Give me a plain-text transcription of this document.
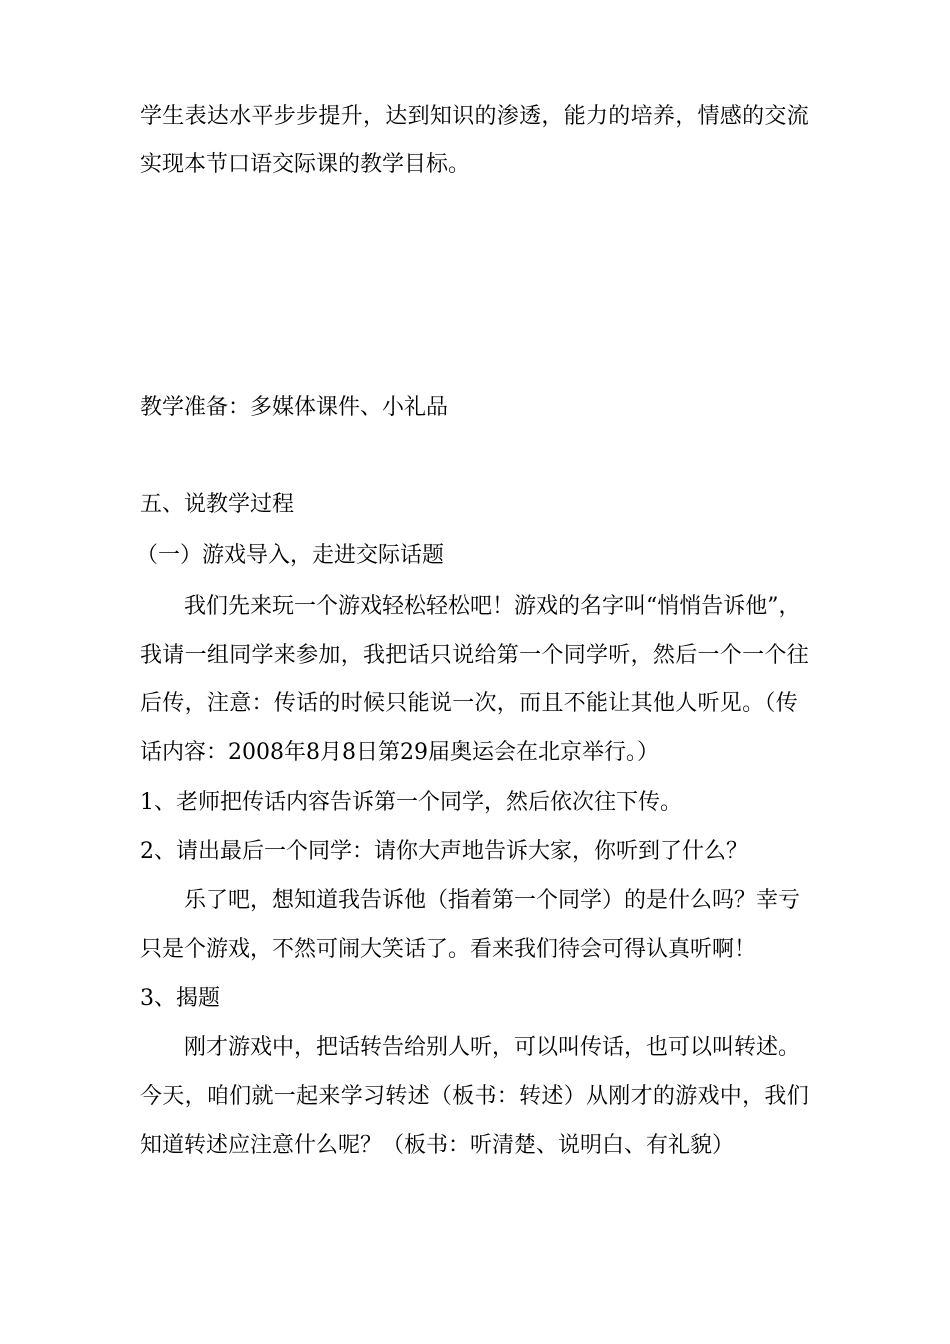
学生表达水平步步提升，达到知识的渗透，能力的培养，情感的交流
实现本节口语交际课的教学目标。
教学准备：多媒体课件、小礼品
五、说教学过程
（一）游戏导入，走进交际话题
我们先来玩一个游戏轻松轻松吧！游戏的名字叫“悄悄告诉他”，
我请一组同学来参加，我把话只说给第一个同学听，然后一个一个往
后传，注意：传话的时候只能说一次，而且不能让其他人听见。（传
话内容：2008年8月8日第29届奥运会在北京举行。）
1、老师把传话内容告诉第一个同学，然后依次往下传。
2、请出最后一个同学：请你大声地告诉大家，你听到了什么？
乐了吧，想知道我告诉他（指着第一个同学）的是什么吗？幸亏
只是个游戏，不然可闹大笑话了。看来我们待会可得认真听啊！
3、揭题
刚才游戏中，把话转告给别人听，可以叫传话，也可以叫转述。
今天，咱们就一起来学习转述（板书：转述）从刚才的游戏中，我们
知道转述应注意什么呢？（板书：听清楚、说明白、有礼貌）
